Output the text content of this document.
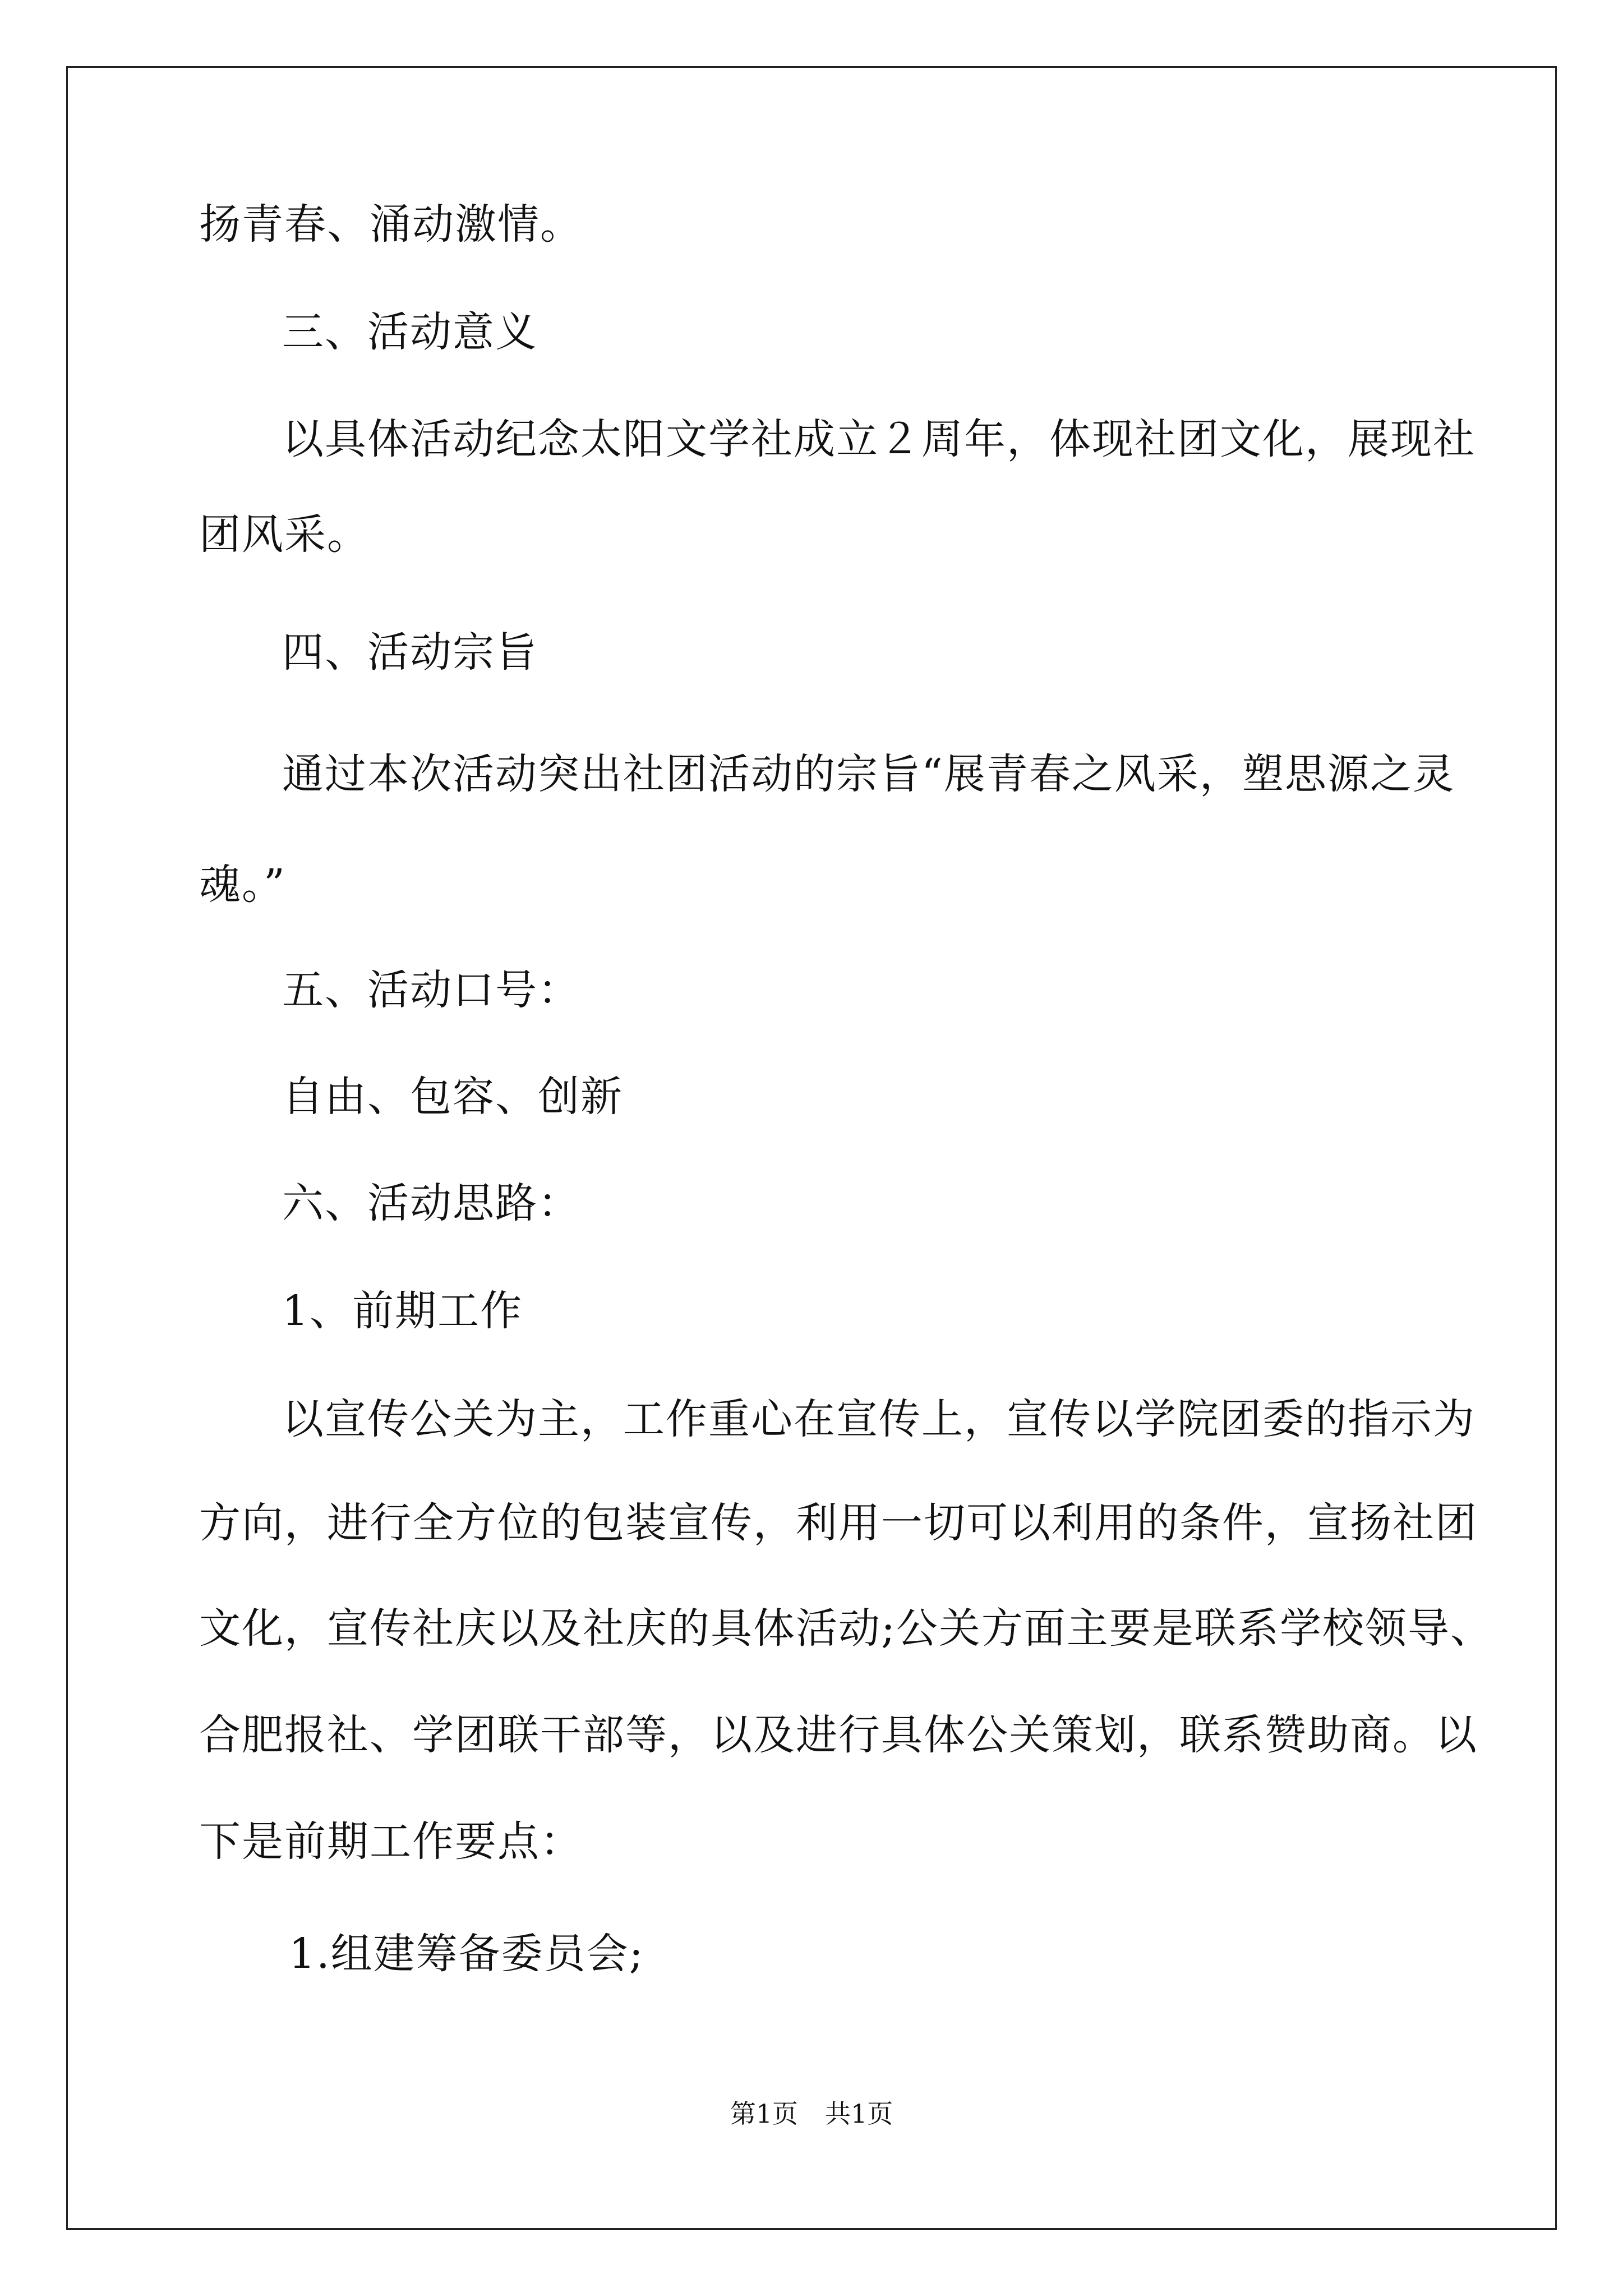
扬青春、涌动激情。
三、活动意义
以具体活动纪念太阳文学社成立２周年，体现社团文化，展现社
团风采。
四、活动宗旨
通过本次活动突出社团活动的宗旨“展青春之风采，塑思源之灵
魂。”
五、活动口号：
自由、包容、创新
六、活动思路：
1、前期工作
以宣传公关为主，工作重心在宣传上，宣传以学院团委的指示为
方向，进行全方位的包装宣传，利用一切可以利用的条件，宣扬社团
文化，宣传社庆以及社庆的具体活动;公关方面主要是联系学校领导、
合肥报社、学团联干部等，以及进行具体公关策划，联系赞助商。以
下是前期工作要点：
1.组建筹备委员会;
第1页 共1页
